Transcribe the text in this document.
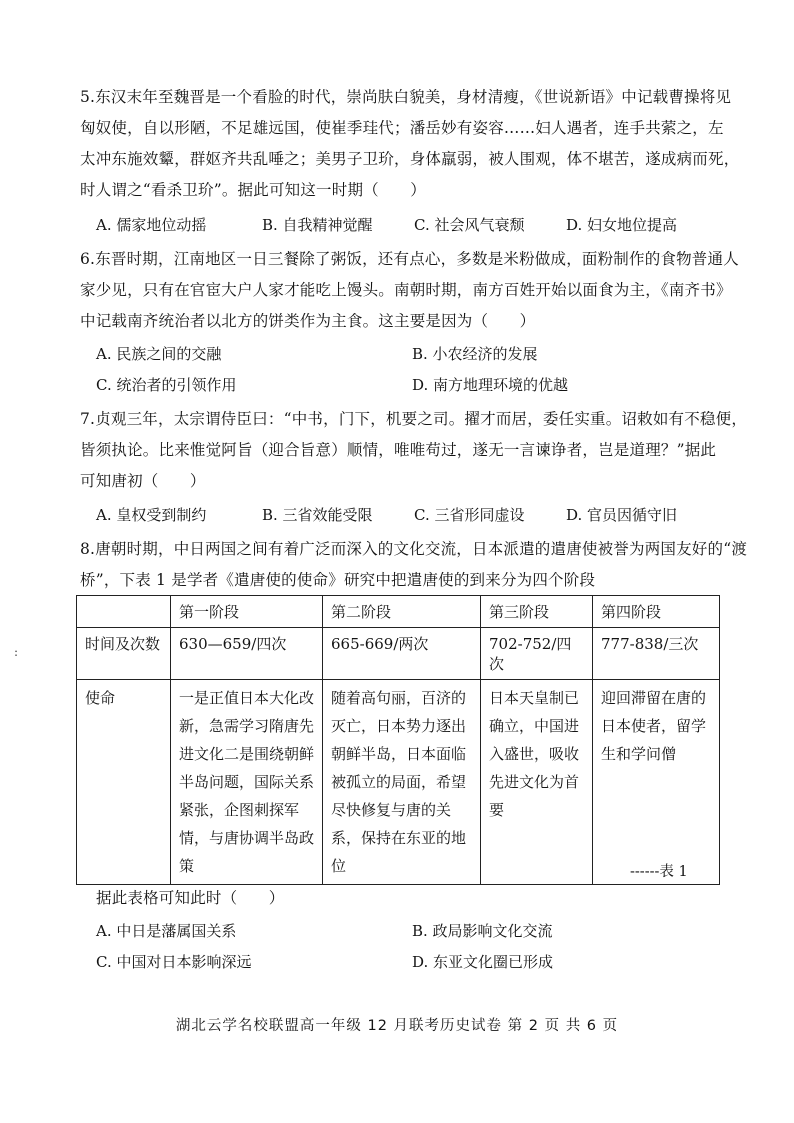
5.东汉末年至魏晋是一个看脸的时代，崇尚肤白貌美，身材清瘦，《世说新语》中记载曹操将见
匈奴使，自以形陋，不足雄远国，使崔季珪代；潘岳妙有姿容……妇人遇者，连手共萦之，左
太冲东施效颦，群妪齐共乱唾之；美男子卫玠，身体羸弱，被人围观，体不堪苦，遂成病而死，
时人谓之“看杀卫玠”。据此可知这一时期（　　）
A. 儒家地位动摇	B. 自我精神觉醒	C. 社会风气衰颓	D. 妇女地位提高
6.东晋时期，江南地区一日三餐除了粥饭，还有点心，多数是米粉做成，面粉制作的食物普通人
家少见，只有在官宦大户人家才能吃上馒头。南朝时期，南方百姓开始以面食为主，《南齐书》
中记载南齐统治者以北方的饼类作为主食。这主要是因为（　　）
A. 民族之间的交融	B. 小农经济的发展
C. 统治者的引领作用	D. 南方地理环境的优越
7.贞观三年，太宗谓侍臣曰：“中书，门下，机要之司。擢才而居，委任实重。诏敕如有不稳便，
皆须执论。比来惟觉阿旨（迎合旨意）顺情，唯唯苟过，遂无一言谏诤者，岂是道理？”据此
可知唐初（　　）
A. 皇权受到制约	B. 三省效能受限	C. 三省形同虚设	D. 官员因循守旧
8.唐朝时期，中日两国之间有着广泛而深入的文化交流，日本派遣的遣唐使被誉为两国友好的“渡
桥”，下表 1 是学者《遣唐使的使命》研究中把遣唐使的到来分为四个阶段
	第一阶段	第二阶段	第三阶段	第四阶段
时间及次数	630—659/四次	665-669/两次	702-752/四次	777-838/三次
使命	一是正值日本大化改新，急需学习隋唐先进文化二是围绕朝鲜半岛问题，国际关系紧张，企图刺探军情，与唐协调半岛政策	随着高句丽，百济的灭亡，日本势力逐出朝鲜半岛，日本面临被孤立的局面，希望尽快修复与唐的关系，保持在东亚的地位	日本天皇制已确立，中国进入盛世，吸收先进文化为首要	迎回滞留在唐的日本使者，留学生和学问僧
------表 1
据此表格可知此时（　　）
A. 中日是藩属国关系	B. 政局影响文化交流
C. 中国对日本影响深远	D. 东亚文化圈已形成
:
湖北云学名校联盟高一年级 12 月联考历史试卷 第 2 页 共 6 页
